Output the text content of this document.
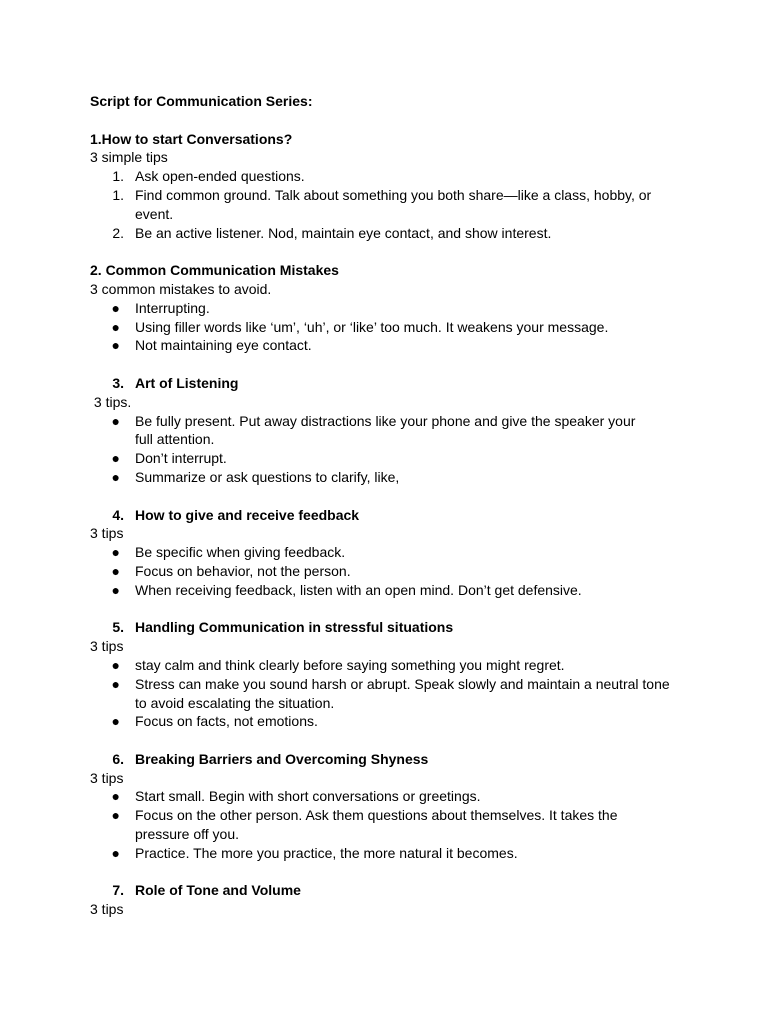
Script for Communication Series:
1.How to start Conversations?
3 simple tips
1. Ask open-ended questions.
1. Find common ground. Talk about something you both share—like a class, hobby, or event.
2. Be an active listener. Nod, maintain eye contact, and show interest.
2. Common Communication Mistakes
3 common mistakes to avoid.
● Interrupting.
● Using filler words like ‘um’, ‘uh’, or ‘like’ too much. It weakens your message.
● Not maintaining eye contact.
3. Art of Listening
3 tips.
● Be fully present. Put away distractions like your phone and give the speaker your full attention.
● Don’t interrupt.
● Summarize or ask questions to clarify, like,
4. How to give and receive feedback
3 tips
● Be specific when giving feedback.
● Focus on behavior, not the person.
● When receiving feedback, listen with an open mind. Don’t get defensive.
5. Handling Communication in stressful situations
3 tips
● stay calm and think clearly before saying something you might regret.
● Stress can make you sound harsh or abrupt. Speak slowly and maintain a neutral tone to avoid escalating the situation.
● Focus on facts, not emotions.
6. Breaking Barriers and Overcoming Shyness
3 tips
● Start small. Begin with short conversations or greetings.
● Focus on the other person. Ask them questions about themselves. It takes the pressure off you.
● Practice. The more you practice, the more natural it becomes.
7. Role of Tone and Volume
3 tips
